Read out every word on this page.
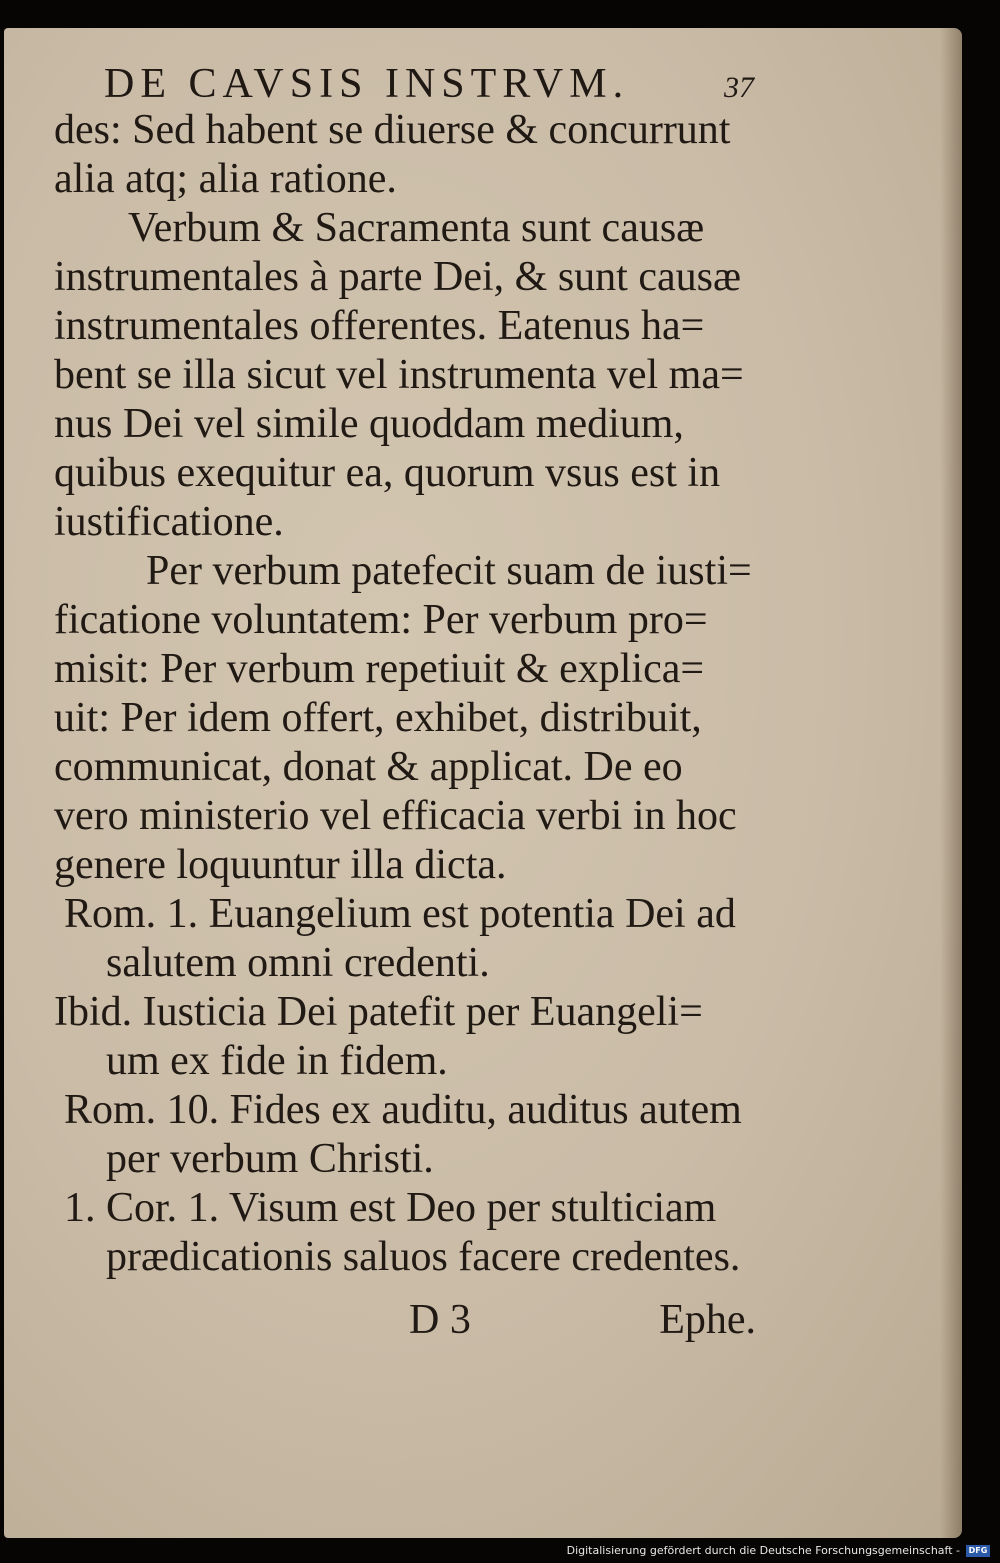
DE CAVSIS INSTRVM.	37
des: Sed habent se diuerse & concurrunt
alia atq; alia ratione.
Verbum & Sacramenta sunt causæ
instrumentales à parte Dei, & sunt causæ
instrumentales offerentes. Eatenus ha=
bent se illa sicut vel instrumenta vel ma=
nus Dei vel simile quoddam medium,
quibus exequitur ea, quorum vsus est in
iustificatione.
Per verbum patefecit suam de iusti=
ficatione voluntatem: Per verbum pro=
misit: Per verbum repetiuit & explica=
uit: Per idem offert, exhibet, distribuit,
communicat, donat & applicat. De eo
vero ministerio vel efficacia verbi in hoc
genere loquuntur illa dicta.
Rom. 1. Euangelium est potentia Dei ad
salutem omni credenti.
Ibid. Iusticia Dei patefit per Euangeli=
um ex fide in fidem.
Rom. 10. Fides ex auditu, auditus autem
per verbum Christi.
1. Cor. 1. Visum est Deo per stulticiam
prædicationis saluos facere credentes.
D 3	Ephe.
Digitalisierung gefördert durch die Deutsche Forschungsgemeinschaft -	DFG
